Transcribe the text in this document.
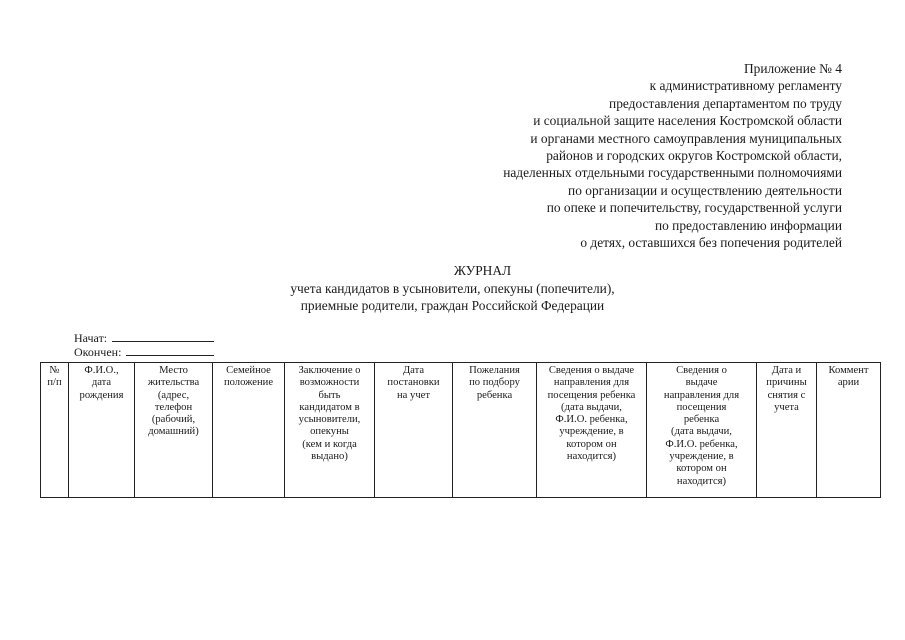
Приложение № 4
к административному регламенту
предоставления департаментом по труду
и социальной защите населения Костромской области
и органами местного самоуправления муниципальных
районов и городских округов Костромской области,
наделенных отдельными государственными полномочиями
по организации и осуществлению деятельности
по опеке и попечительству, государственной услуги
по предоставлению информации
о детях, оставшихся без попечения родителей
ЖУРНАЛ
учета кандидатов в усыновители, опекуны (попечители),
приемные родители, граждан Российской Федерации
Начат:
Окончен:
№
п/п

Ф.И.О.,
дата
рождения

Место
жительства
(адрес,
телефон
(рабочий,
домашний)

Семейное
положение

Заключение о
возможности
быть
кандидатом в
усыновители,
опекуны
(кем и когда
выдано)

Дата
постановки
на учет

Пожелания
по подбору
ребенка

Сведения о выдаче
направления для
посещения ребенка
(дата выдачи,
Ф.И.О. ребенка,
учреждение, в
котором он
находится)

Сведения о
выдаче
направления для
посещения
ребенка
(дата выдачи,
Ф.И.О. ребенка,
учреждение, в
котором он
находится)

Дата и
причины
снятия с
учета

Коммент
арии
